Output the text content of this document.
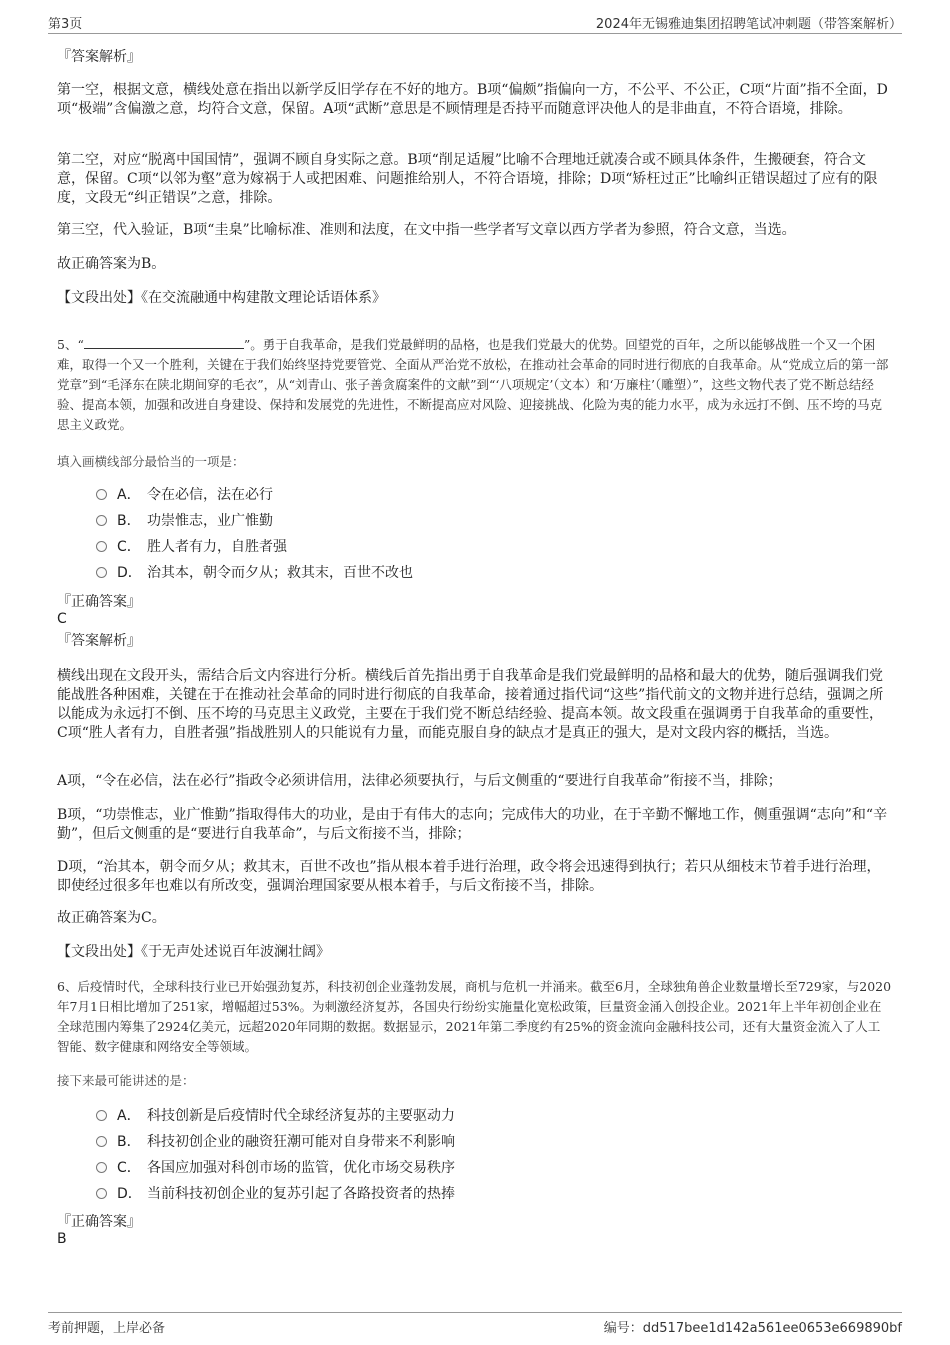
第3页	2024年无锡雅迪集团招聘笔试冲刺题（带答案解析）
『答案解析』

第一空，根据文意，横线处意在指出以新学反旧学存在不好的地方。B项“偏颇”指偏向一方，不公平、不公正，C项“片面”指不全面，D项“极端”含偏激之意，均符合文意，保留。A项“武断”意思是不顾情理是否持平而随意评决他人的是非曲直，不符合语境，排除。

第二空，对应“脱离中国国情”，强调不顾自身实际之意。B项“削足适履”比喻不合理地迁就凑合或不顾具体条件，生搬硬套，符合文意，保留。C项“以邻为壑”意为嫁祸于人或把困难、问题推给别人，不符合语境，排除；D项“矫枉过正”比喻纠正错误超过了应有的限度，文段无“纠正错误”之意，排除。

第三空，代入验证，B项“圭臬”比喻标准、准则和法度，在文中指一些学者写文章以西方学者为参照，符合文意，当选。

故正确答案为B。

【文段出处】《在交流融通中构建散文理论话语体系》

5、“	”。勇于自我革命，是我们党最鲜明的品格，也是我们党最大的优势。回望党的百年，之所以能够战胜一个又一个困难，取得一个又一个胜利，关键在于我们始终坚持党要管党、全面从严治党不放松，在推动社会革命的同时进行彻底的自我革命。从“党成立后的第一部党章”到“毛泽东在陕北期间穿的毛衣”，从“刘青山、张子善贪腐案件的文献”到“‘八项规定’（文本）和‘万廉柱’（雕塑）”，这些文物代表了党不断总结经验、提高本领，加强和改进自身建设、保持和发展党的先进性，不断提高应对风险、迎接挑战、化险为夷的能力水平，成为永远打不倒、压不垮的马克思主义政党。

填入画横线部分最恰当的一项是：

A． 令在必信，法在必行
B． 功崇惟志，业广惟勤
C． 胜人者有力，自胜者强
D． 治其本，朝令而夕从；救其末，百世不改也
『正确答案』
C
『答案解析』

横线出现在文段开头，需结合后文内容进行分析。横线后首先指出勇于自我革命是我们党最鲜明的品格和最大的优势，随后强调我们党能战胜各种困难，关键在于在推动社会革命的同时进行彻底的自我革命，接着通过指代词“这些”指代前文的文物并进行总结，强调之所以能成为永远打不倒、压不垮的马克思主义政党，主要在于我们党不断总结经验、提高本领。故文段重在强调勇于自我革命的重要性，C项“胜人者有力，自胜者强”指战胜别人的只能说有力量，而能克服自身的缺点才是真正的强大，是对文段内容的概括，当选。

A项，“令在必信，法在必行”指政令必须讲信用，法律必须要执行，与后文侧重的“要进行自我革命”衔接不当，排除；

B项，“功崇惟志，业广惟勤”指取得伟大的功业，是由于有伟大的志向；完成伟大的功业，在于辛勤不懈地工作，侧重强调“志向”和“辛勤”，但后文侧重的是“要进行自我革命”，与后文衔接不当，排除；

D项，“治其本，朝令而夕从；救其末，百世不改也”指从根本着手进行治理，政令将会迅速得到执行；若只从细枝末节着手进行治理，即使经过很多年也难以有所改变，强调治理国家要从根本着手，与后文衔接不当，排除。

故正确答案为C。

【文段出处】《于无声处述说百年波澜壮阔》

6、后疫情时代，全球科技行业已开始强劲复苏，科技初创企业蓬勃发展，商机与危机一并涌来。截至6月，全球独角兽企业数量增长至729家，与2020年7月1日相比增加了251家，增幅超过53%。为刺激经济复苏，各国央行纷纷实施量化宽松政策，巨量资金涌入创投企业。2021年上半年初创企业在全球范围内筹集了2924亿美元，远超2020年同期的数据。数据显示，2021年第二季度约有25%的资金流向金融科技公司，还有大量资金流入了人工智能、数字健康和网络安全等领域。

接下来最可能讲述的是：

A． 科技创新是后疫情时代全球经济复苏的主要驱动力
B． 科技初创企业的融资狂潮可能对自身带来不利影响
C． 各国应加强对科创市场的监管，优化市场交易秩序
D． 当前科技初创企业的复苏引起了各路投资者的热捧
『正确答案』
B
考前押题，上岸必备	编号：dd517bee1d142a561ee0653e669890bf
